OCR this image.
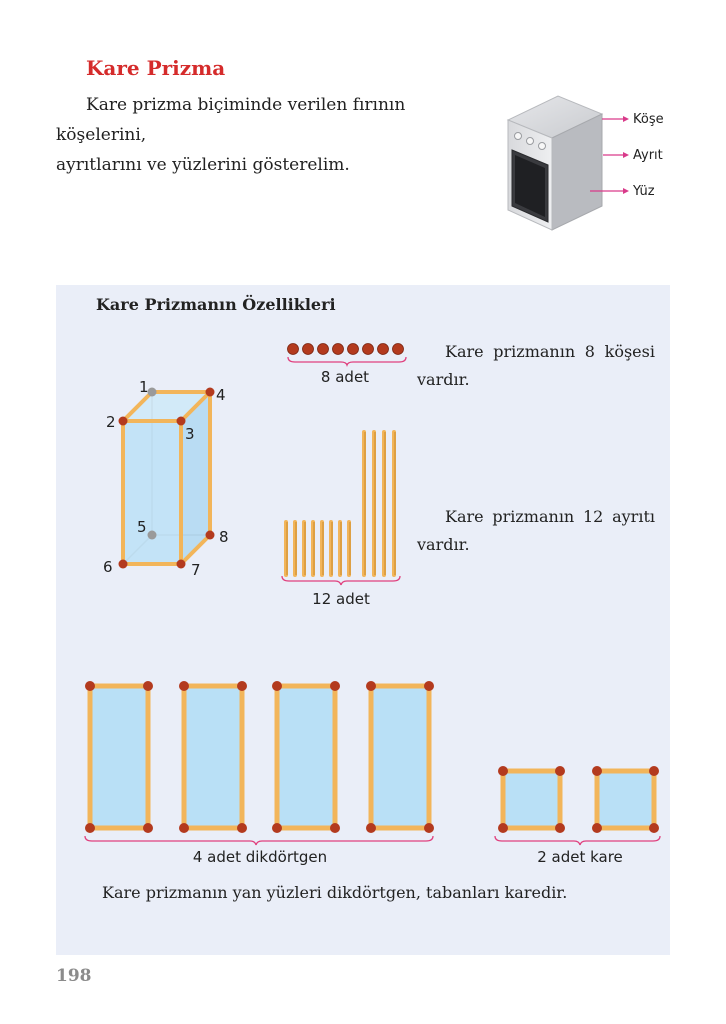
Kare Prizma
Kare prizma biçiminde verilen fırının köşelerini,
ayrıtlarını ve yüzlerini gösterelim.
Köşe
Ayrıt
Yüz
Kare Prizmanın Özellikleri
1
2
3
4
5
6	7
8
8 adet
Kare prizmanın 8 köşesi
vardır.
12 adet
Kare prizmanın 12 ayrıtı
vardır.
4 adet dikdörtgen	2 adet kare
Kare prizmanın yan yüzleri dikdörtgen, tabanları karedir.
198
